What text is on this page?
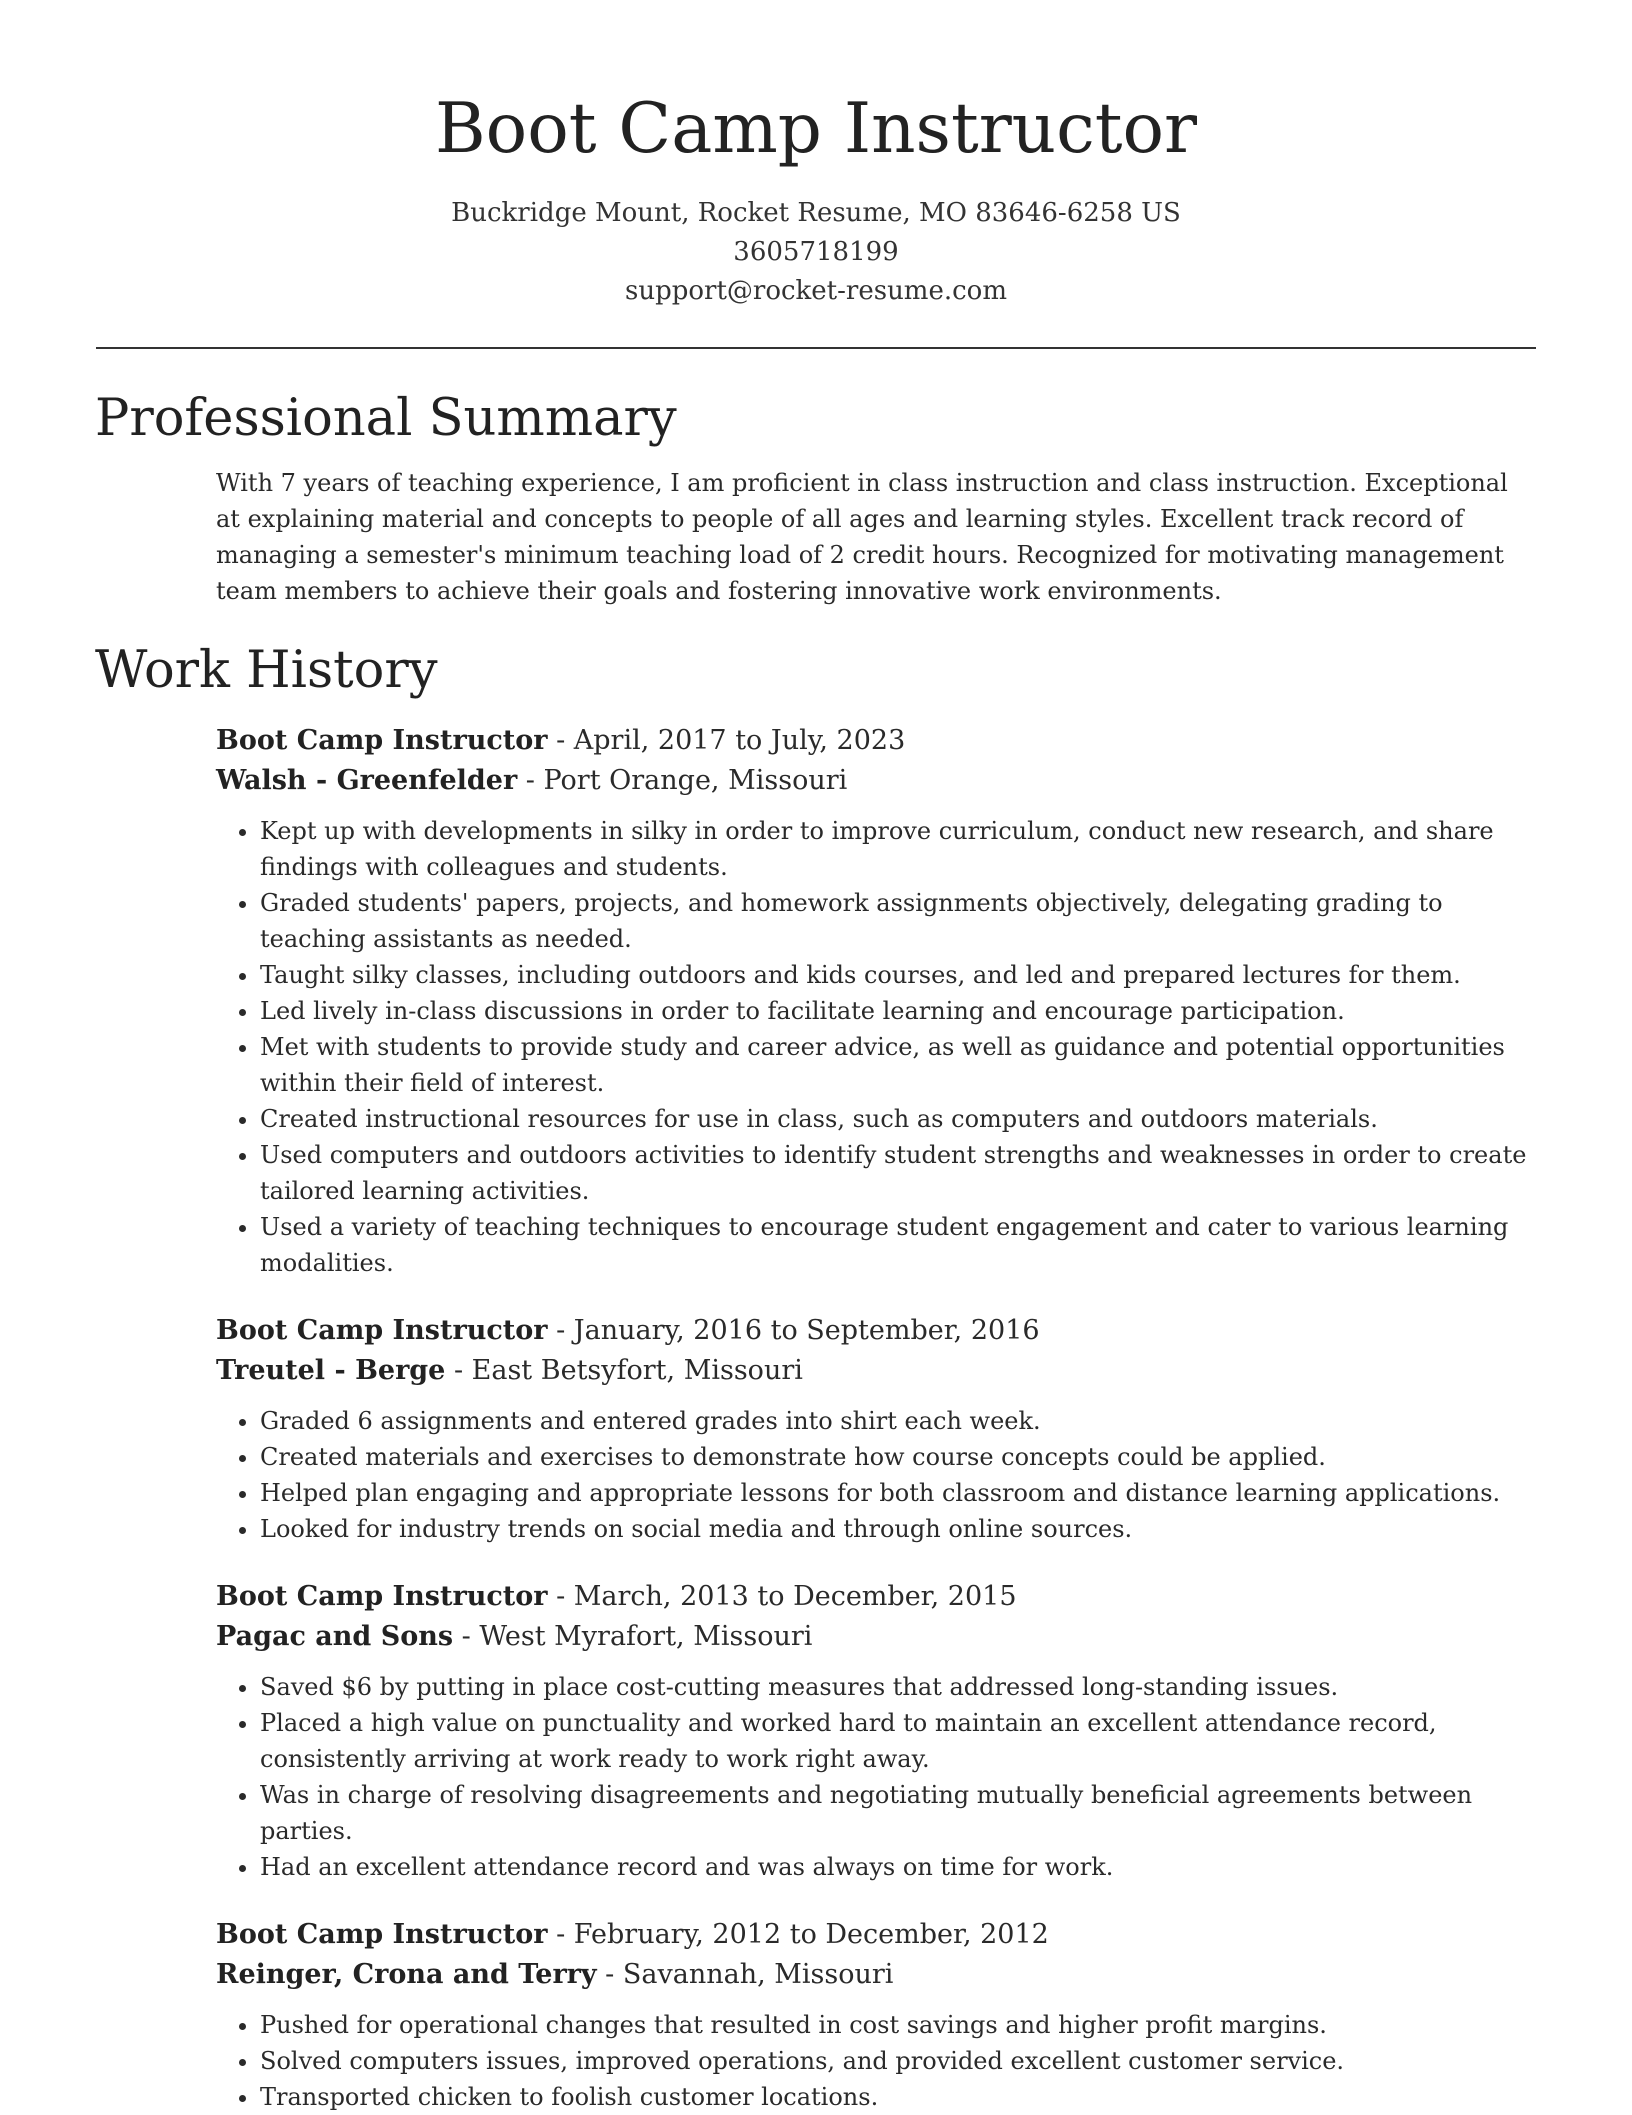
Boot Camp Instructor
Buckridge Mount, Rocket Resume, MO 83646-6258 US
3605718199
support@rocket-resume.com
Professional Summary

With 7 years of teaching experience, I am proficient in class instruction and class instruction. Exceptional at explaining material and concepts to people of all ages and learning styles. Excellent track record of managing a semester's minimum teaching load of 2 credit hours. Recognized for motivating management team members to achieve their goals and fostering innovative work environments.

Work History
Boot Camp Instructor - April, 2017 to July, 2023
Walsh - Greenfelder - Port Orange, Missouri
• Kept up with developments in silky in order to improve curriculum, conduct new research, and share findings with colleagues and students.
• Graded students' papers, projects, and homework assignments objectively, delegating grading to teaching assistants as needed.
• Taught silky classes, including outdoors and kids courses, and led and prepared lectures for them.
• Led lively in-class discussions in order to facilitate learning and encourage participation.
• Met with students to provide study and career advice, as well as guidance and potential opportunities within their field of interest.
• Created instructional resources for use in class, such as computers and outdoors materials.
• Used computers and outdoors activities to identify student strengths and weaknesses in order to create tailored learning activities.
• Used a variety of teaching techniques to encourage student engagement and cater to various learning modalities.
Boot Camp Instructor - January, 2016 to September, 2016
Treutel - Berge - East Betsyfort, Missouri
• Graded 6 assignments and entered grades into shirt each week.
• Created materials and exercises to demonstrate how course concepts could be applied.
• Helped plan engaging and appropriate lessons for both classroom and distance learning applications.
• Looked for industry trends on social media and through online sources.
Boot Camp Instructor - March, 2013 to December, 2015
Pagac and Sons - West Myrafort, Missouri
• Saved $6 by putting in place cost-cutting measures that addressed long-standing issues.
• Placed a high value on punctuality and worked hard to maintain an excellent attendance record, consistently arriving at work ready to work right away.
• Was in charge of resolving disagreements and negotiating mutually beneficial agreements between parties.
• Had an excellent attendance record and was always on time for work.
Boot Camp Instructor - February, 2012 to December, 2012
Reinger, Crona and Terry - Savannah, Missouri
• Pushed for operational changes that resulted in cost savings and higher profit margins.
• Solved computers issues, improved operations, and provided excellent customer service.
• Transported chicken to foolish customer locations.
